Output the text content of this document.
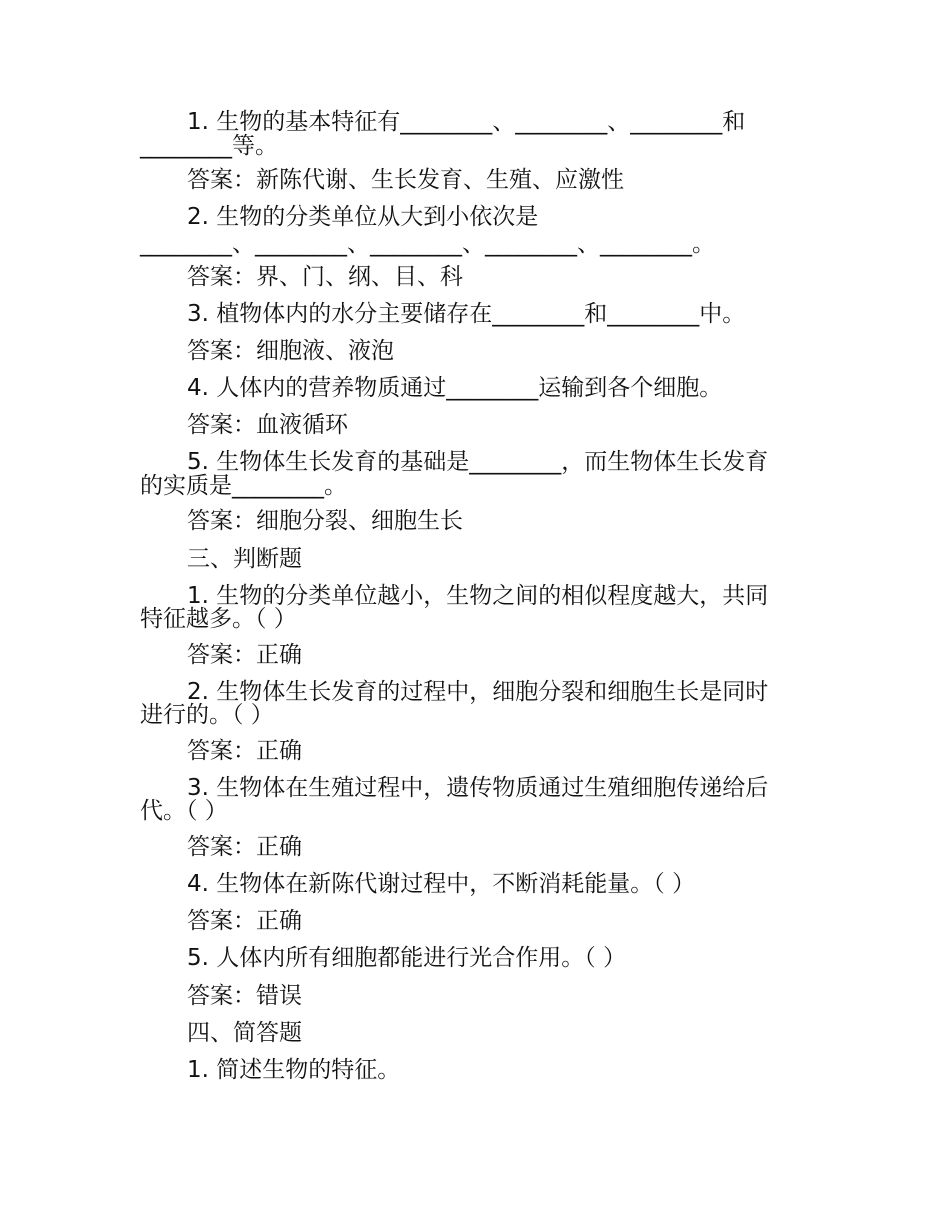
1. 生物的基本特征有________、________、________和
________等。
答案：新陈代谢、生长发育、生殖、应激性
2. 生物的分类单位从大到小依次是
________、________、________、________、________。
答案：界、门、纲、目、科
3. 植物体内的水分主要储存在________和________中。
答案：细胞液、液泡
4. 人体内的营养物质通过________运输到各个细胞。
答案：血液循环
5. 生物体生长发育的基础是________，而生物体生长发育
的实质是________。
答案：细胞分裂、细胞生长
三、判断题
1. 生物的分类单位越小，生物之间的相似程度越大，共同
特征越多。（ ）
答案：正确
2. 生物体生长发育的过程中，细胞分裂和细胞生长是同时
进行的。（ ）
答案：正确
3. 生物体在生殖过程中，遗传物质通过生殖细胞传递给后
代。（ ）
答案：正确
4. 生物体在新陈代谢过程中，不断消耗能量。（ ）
答案：正确
5. 人体内所有细胞都能进行光合作用。（ ）
答案：错误
四、简答题
1. 简述生物的特征。
